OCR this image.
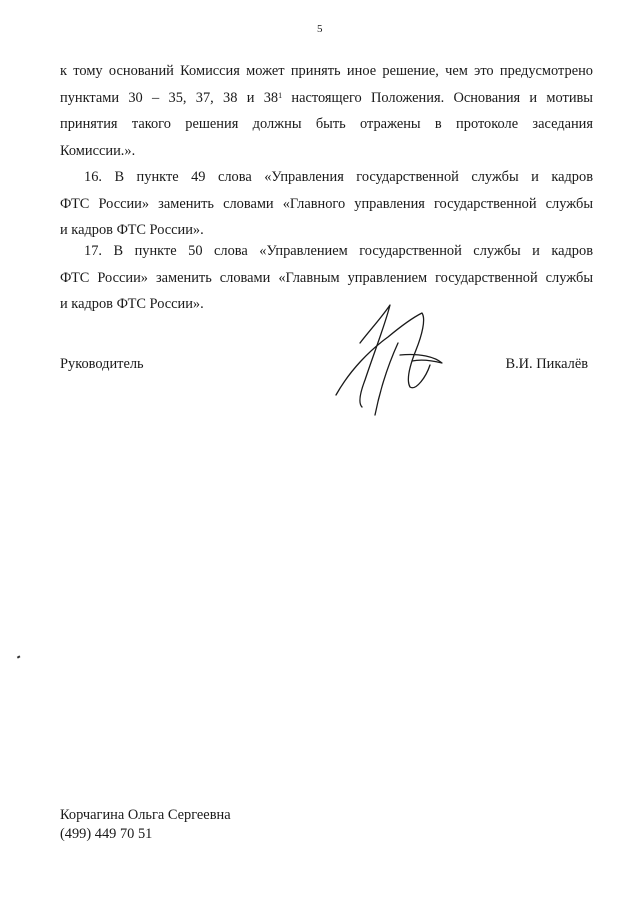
5
к тому оснований Комиссия может принять иное решение, чем это предусмотрено
пунктами 30 – 35, 37, 38 и $38^1$ настоящего Положения. Основания и мотивы
принятия такого решения должны быть отражены в протоколе заседания
Комиссии.».
16. В пункте 49 слова «Управления государственной службы и кадров
ФТС России» заменить словами «Главного управления государственной службы
и кадров ФТС России».
17. В пункте 50 слова «Управлением государственной службы и кадров
ФТС России» заменить словами «Главным управлением государственной службы
и кадров ФТС России».
Руководитель	В.И. Пикалёв
Корчагина Ольга Сергеевна
(499) 449 70 51
